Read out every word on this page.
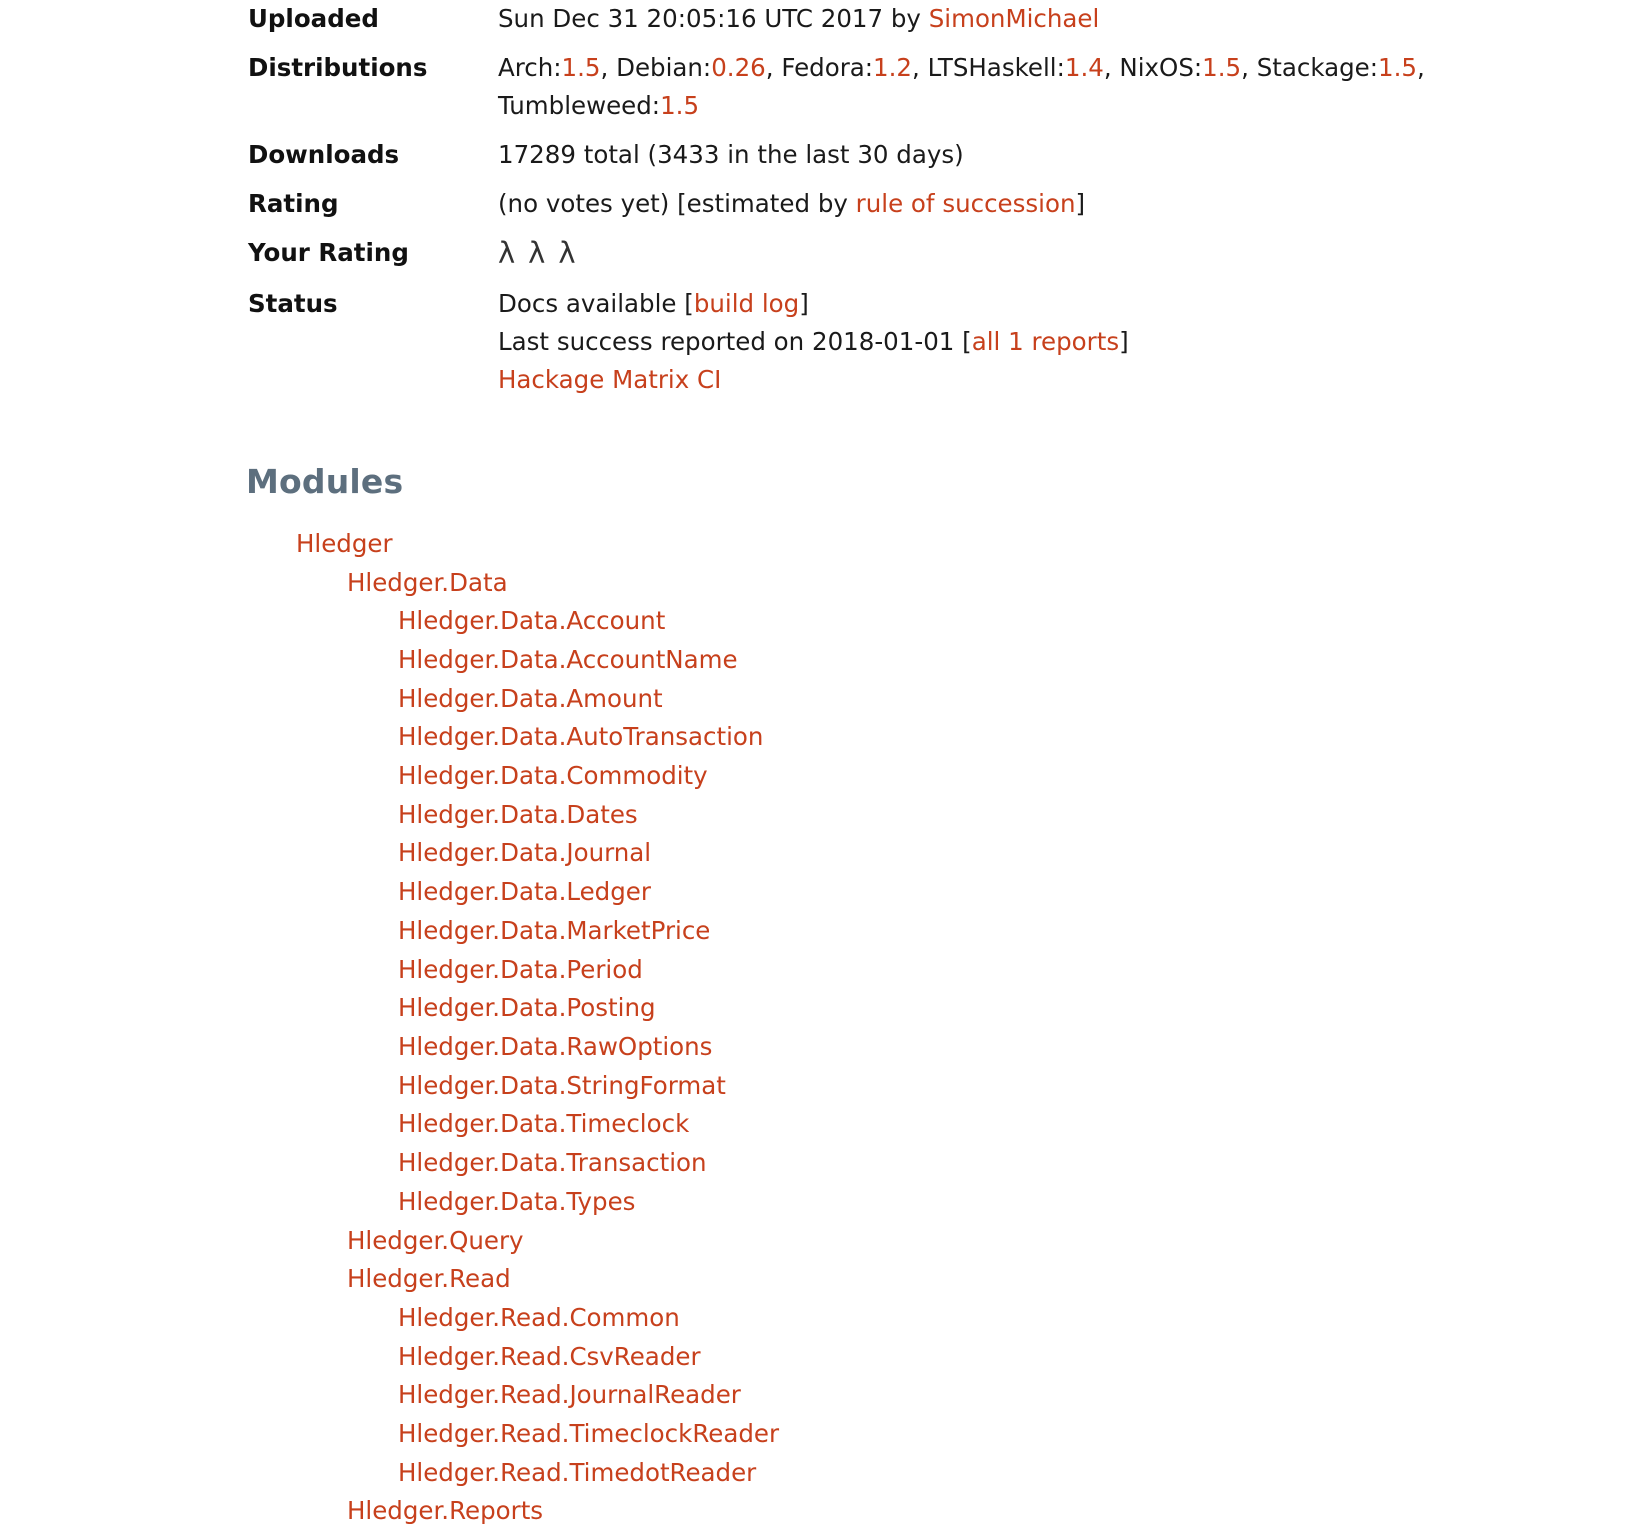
Uploaded	Sun Dec 31 20:05:16 UTC 2017 by SimonMichael
Distributions	Arch:1.5, Debian:0.26, Fedora:1.2, LTSHaskell:1.4, NixOS:1.5, Stackage:1.5, Tumbleweed:1.5
Downloads	17289 total (3433 in the last 30 days)
Rating	(no votes yet) [estimated by rule of succession]
Your Rating	λλλ
Status	Docs available [build log]
Last success reported on 2018-01-01 [all 1 reports]
Hackage Matrix CI
Modules
Hledger
Hledger.Data
Hledger.Data.Account
Hledger.Data.AccountName
Hledger.Data.Amount
Hledger.Data.AutoTransaction
Hledger.Data.Commodity
Hledger.Data.Dates
Hledger.Data.Journal
Hledger.Data.Ledger
Hledger.Data.MarketPrice
Hledger.Data.Period
Hledger.Data.Posting
Hledger.Data.RawOptions
Hledger.Data.StringFormat
Hledger.Data.Timeclock
Hledger.Data.Transaction
Hledger.Data.Types
Hledger.Query
Hledger.Read
Hledger.Read.Common
Hledger.Read.CsvReader
Hledger.Read.JournalReader
Hledger.Read.TimeclockReader
Hledger.Read.TimedotReader
Hledger.Reports
